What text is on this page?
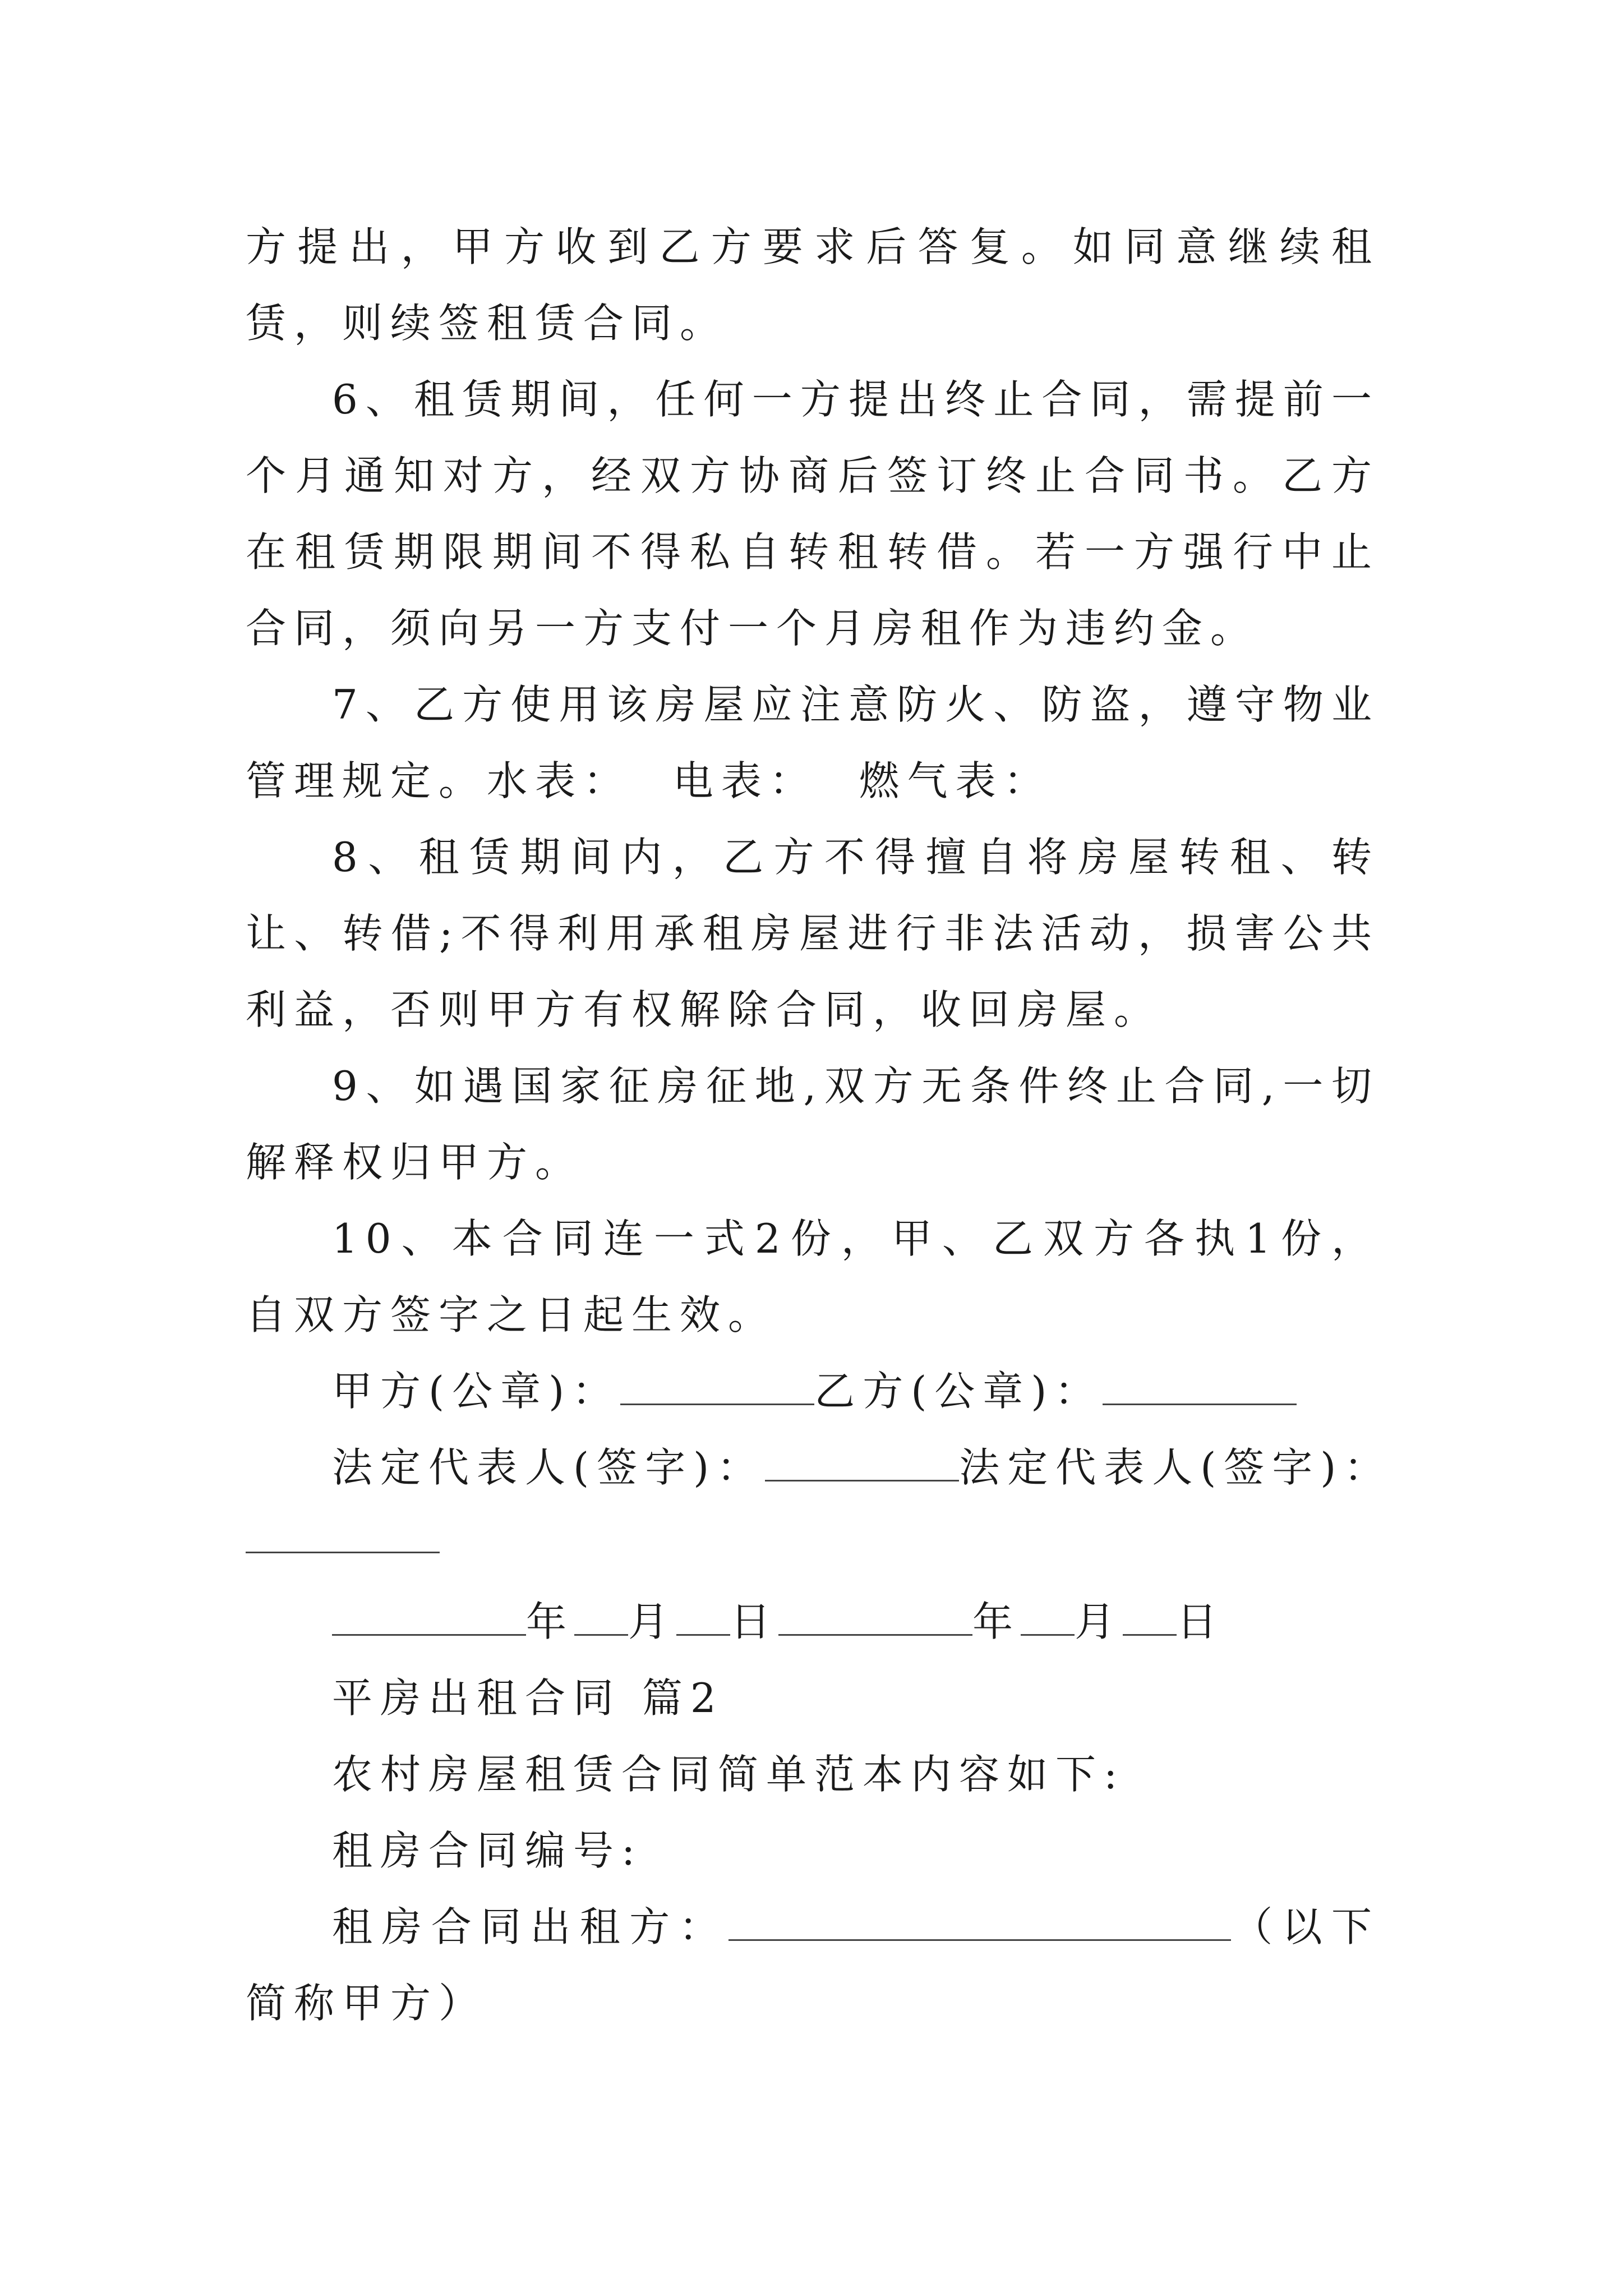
方提出，甲方收到乙方要求后答复。如同意继续租赁，则续签租赁合同。

6、租赁期间，任何一方提出终止合同，需提前一个月通知对方，经双方协商后签订终止合同书。乙方在租赁期限期间不得私自转租转借。若一方强行中止合同，须向另一方支付一个月房租作为违约金。

7、乙方使用该房屋应注意防火、防盗，遵守物业管理规定。水表：  电表：  燃气表：

8、租赁期间内，乙方不得擅自将房屋转租、转让、转借;不得利用承租房屋进行非法活动，损害公共利益，否则甲方有权解除合同，收回房屋。

9、如遇国家征房征地,双方无条件终止合同,一切解释权归甲方。

10、本合同连一式2份，甲、乙双方各执1份，自双方签字之日起生效。

甲方(公章)：	乙方(公章)：
法定代表人(签字)：	法定代表人(签字)：
年 月 日	年 月 日
平房出租合同 篇2
农村房屋租赁合同简单范本内容如下:
租房合同编号:

租房合同出租方：	（以下简称甲方）
